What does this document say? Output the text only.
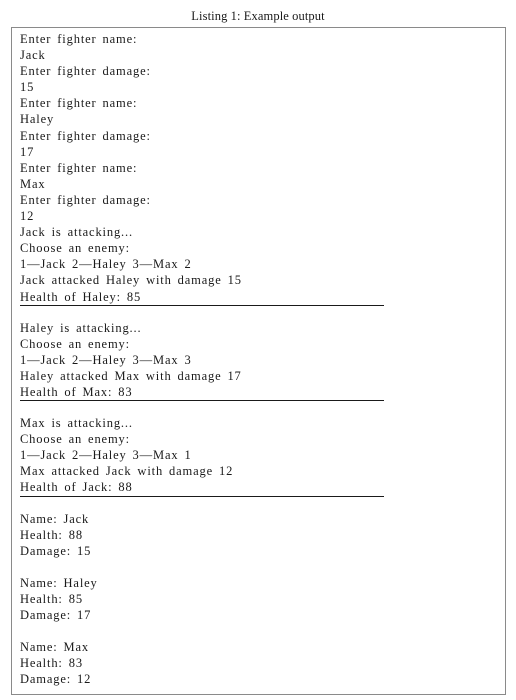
Listing 1: Example output
Enter fighter name:
Jack
Enter fighter damage:
15
Enter fighter name:
Haley
Enter fighter damage:
17
Enter fighter name:
Max
Enter fighter damage:
12
Jack is attacking...
Choose an enemy:
1—Jack 2—Haley 3—Max 2
Jack attacked Haley with damage 15
Health of Haley: 85
Haley is attacking...
Choose an enemy:
1—Jack 2—Haley 3—Max 3
Haley attacked Max with damage 17
Health of Max: 83
Max is attacking...
Choose an enemy:
1—Jack 2—Haley 3—Max 1
Max attacked Jack with damage 12
Health of Jack: 88
Name: Jack
Health: 88
Damage: 15
Name: Haley
Health: 85
Damage: 17
Name: Max
Health: 83
Damage: 12
